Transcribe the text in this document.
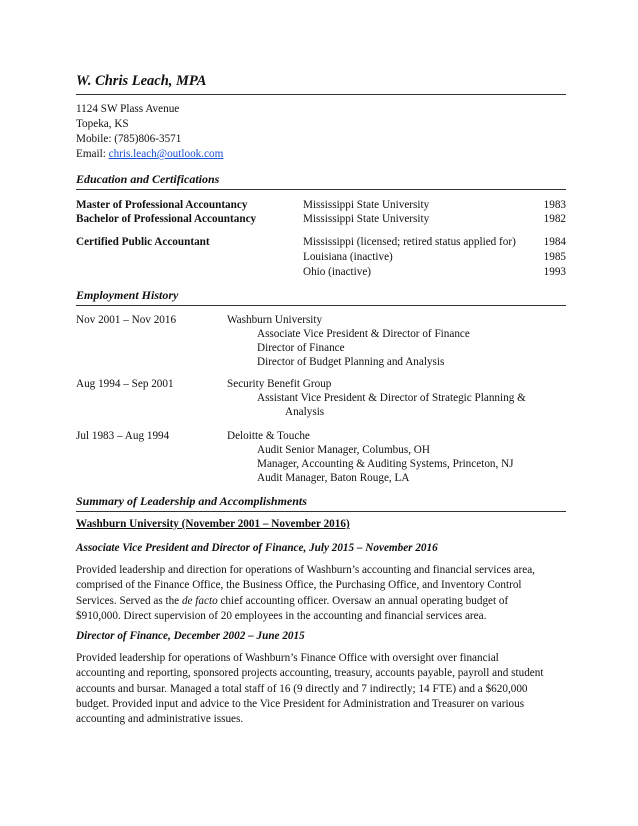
W. Chris Leach, MPA
1124 SW Plass Avenue
Topeka, KS
Mobile: (785)806-3571
Email: chris.leach@outlook.com
Education and Certifications
Master of Professional Accountancy	Mississippi State University	1983
Bachelor of Professional Accountancy	Mississippi State University	1982
Certified Public Accountant	Mississippi (licensed; retired status applied for) 1984
Louisiana (inactive)	1985
Ohio (inactive)	1993
Employment History
Nov 2001 – Nov 2016	Washburn University
Associate Vice President & Director of Finance
Director of Finance
Director of Budget Planning and Analysis
Aug 1994 – Sep 2001	Security Benefit Group
Assistant Vice President & Director of Strategic Planning &
Analysis
Jul 1983 – Aug 1994	Deloitte & Touche
Audit Senior Manager, Columbus, OH
Manager, Accounting & Auditing Systems, Princeton, NJ
Audit Manager, Baton Rouge, LA
Summary of Leadership and Accomplishments
Washburn University (November 2001 – November 2016)
Associate Vice President and Director of Finance, July 2015 – November 2016
Provided leadership and direction for operations of Washburn’s accounting and financial services area,
comprised of the Finance Office, the Business Office, the Purchasing Office, and Inventory Control
Services. Served as the de facto chief accounting officer. Oversaw an annual operating budget of
$910,000. Direct supervision of 20 employees in the accounting and financial services area.
Director of Finance, December 2002 – June 2015
Provided leadership for operations of Washburn’s Finance Office with oversight over financial
accounting and reporting, sponsored projects accounting, treasury, accounts payable, payroll and student
accounts and bursar. Managed a total staff of 16 (9 directly and 7 indirectly; 14 FTE) and a $620,000
budget. Provided input and advice to the Vice President for Administration and Treasurer on various
accounting and administrative issues.
